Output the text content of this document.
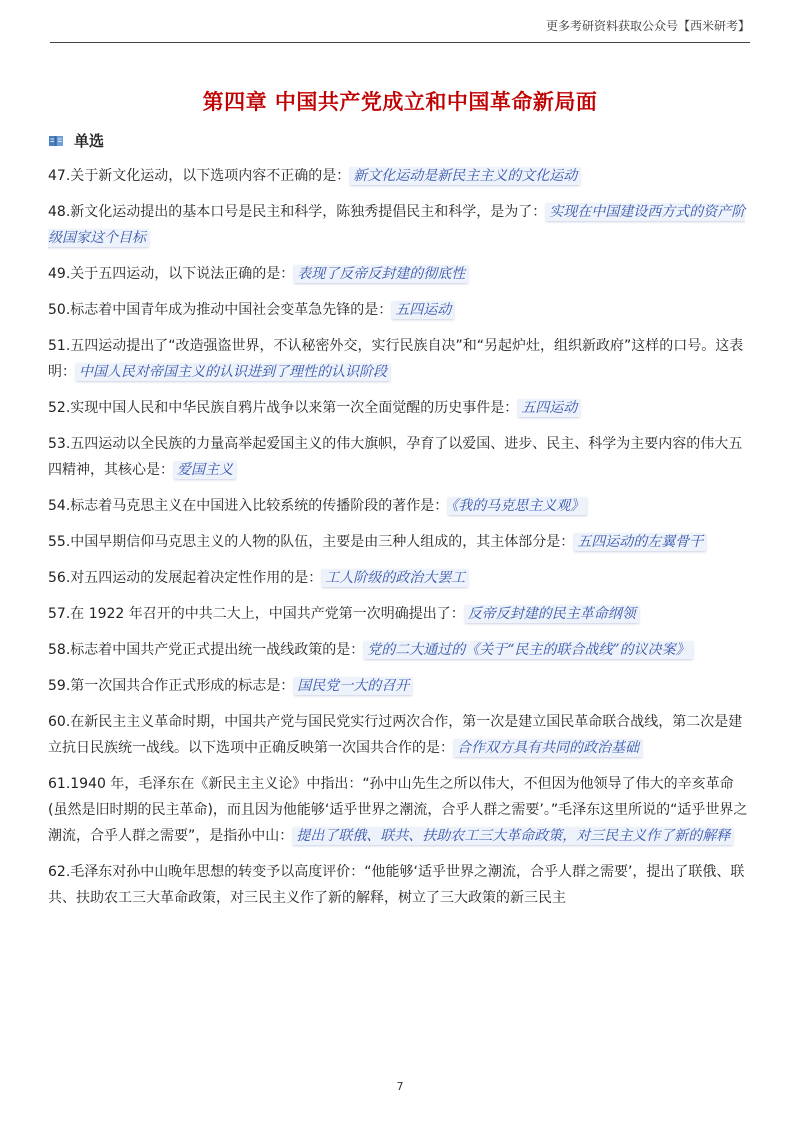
更多考研资料获取公众号【西米研考】
第四章 中国共产党成立和中国革命新局面
单选
47.关于新文化运动，以下选项内容不正确的是： 新文化运动是新民主主义的文化运动
48.新文化运动提出的基本口号是民主和科学，陈独秀提倡民主和科学，是为了： 实现在中国建设西方式的资产阶级国家这个目标
49.关于五四运动，以下说法正确的是： 表现了反帝反封建的彻底性
50.标志着中国青年成为推动中国社会变革急先锋的是： 五四运动
51.五四运动提出了“改造强盗世界，不认秘密外交，实行民族自决”和“另起炉灶，组织新政府”这样的口号。这表明： 中国人民对帝国主义的认识进到了理性的认识阶段
52.实现中国人民和中华民族自鸦片战争以来第一次全面觉醒的历史事件是： 五四运动
53.五四运动以全民族的力量高举起爱国主义的伟大旗帜，孕育了以爱国、进步、民主、科学为主要内容的伟大五四精神，其核心是： 爱国主义
54.标志着马克思主义在中国进入比较系统的传播阶段的著作是： 《我的马克思主义观》
55.中国早期信仰马克思主义的人物的队伍，主要是由三种人组成的，其主体部分是： 五四运动的左翼骨干
56.对五四运动的发展起着决定性作用的是： 工人阶级的政治大罢工
57.在 1922 年召开的中共二大上，中国共产党第一次明确提出了： 反帝反封建的民主革命纲领
58.标志着中国共产党正式提出统一战线政策的是： 党的二大通过的《关于“民主的联合战线”的议决案》
59.第一次国共合作正式形成的标志是： 国民党一大的召开
60.在新民主主义革命时期，中国共产党与国民党实行过两次合作，第一次是建立国民革命联合战线，第二次是建立抗日民族统一战线。以下选项中正确反映第一次国共合作的是： 合作双方具有共同的政治基础
61.1940 年，毛泽东在《新民主主义论》中指出：“孙中山先生之所以伟大，不但因为他领导了伟大的辛亥革命(虽然是旧时期的民主革命)，而且因为他能够‘适乎世界之潮流，合乎人群之需要’。”毛泽东这里所说的“适乎世界之潮流，合乎人群之需要”，是指孙中山： 提出了联俄、联共、扶助农工三大革命政策，对三民主义作了新的解释
62.毛泽东对孙中山晚年思想的转变予以高度评价：“他能够‘适乎世界之潮流，合乎人群之需要’，提出了联俄、联共、扶助农工三大革命政策，对三民主义作了新的解释，树立了三大政策的新三民主
7
